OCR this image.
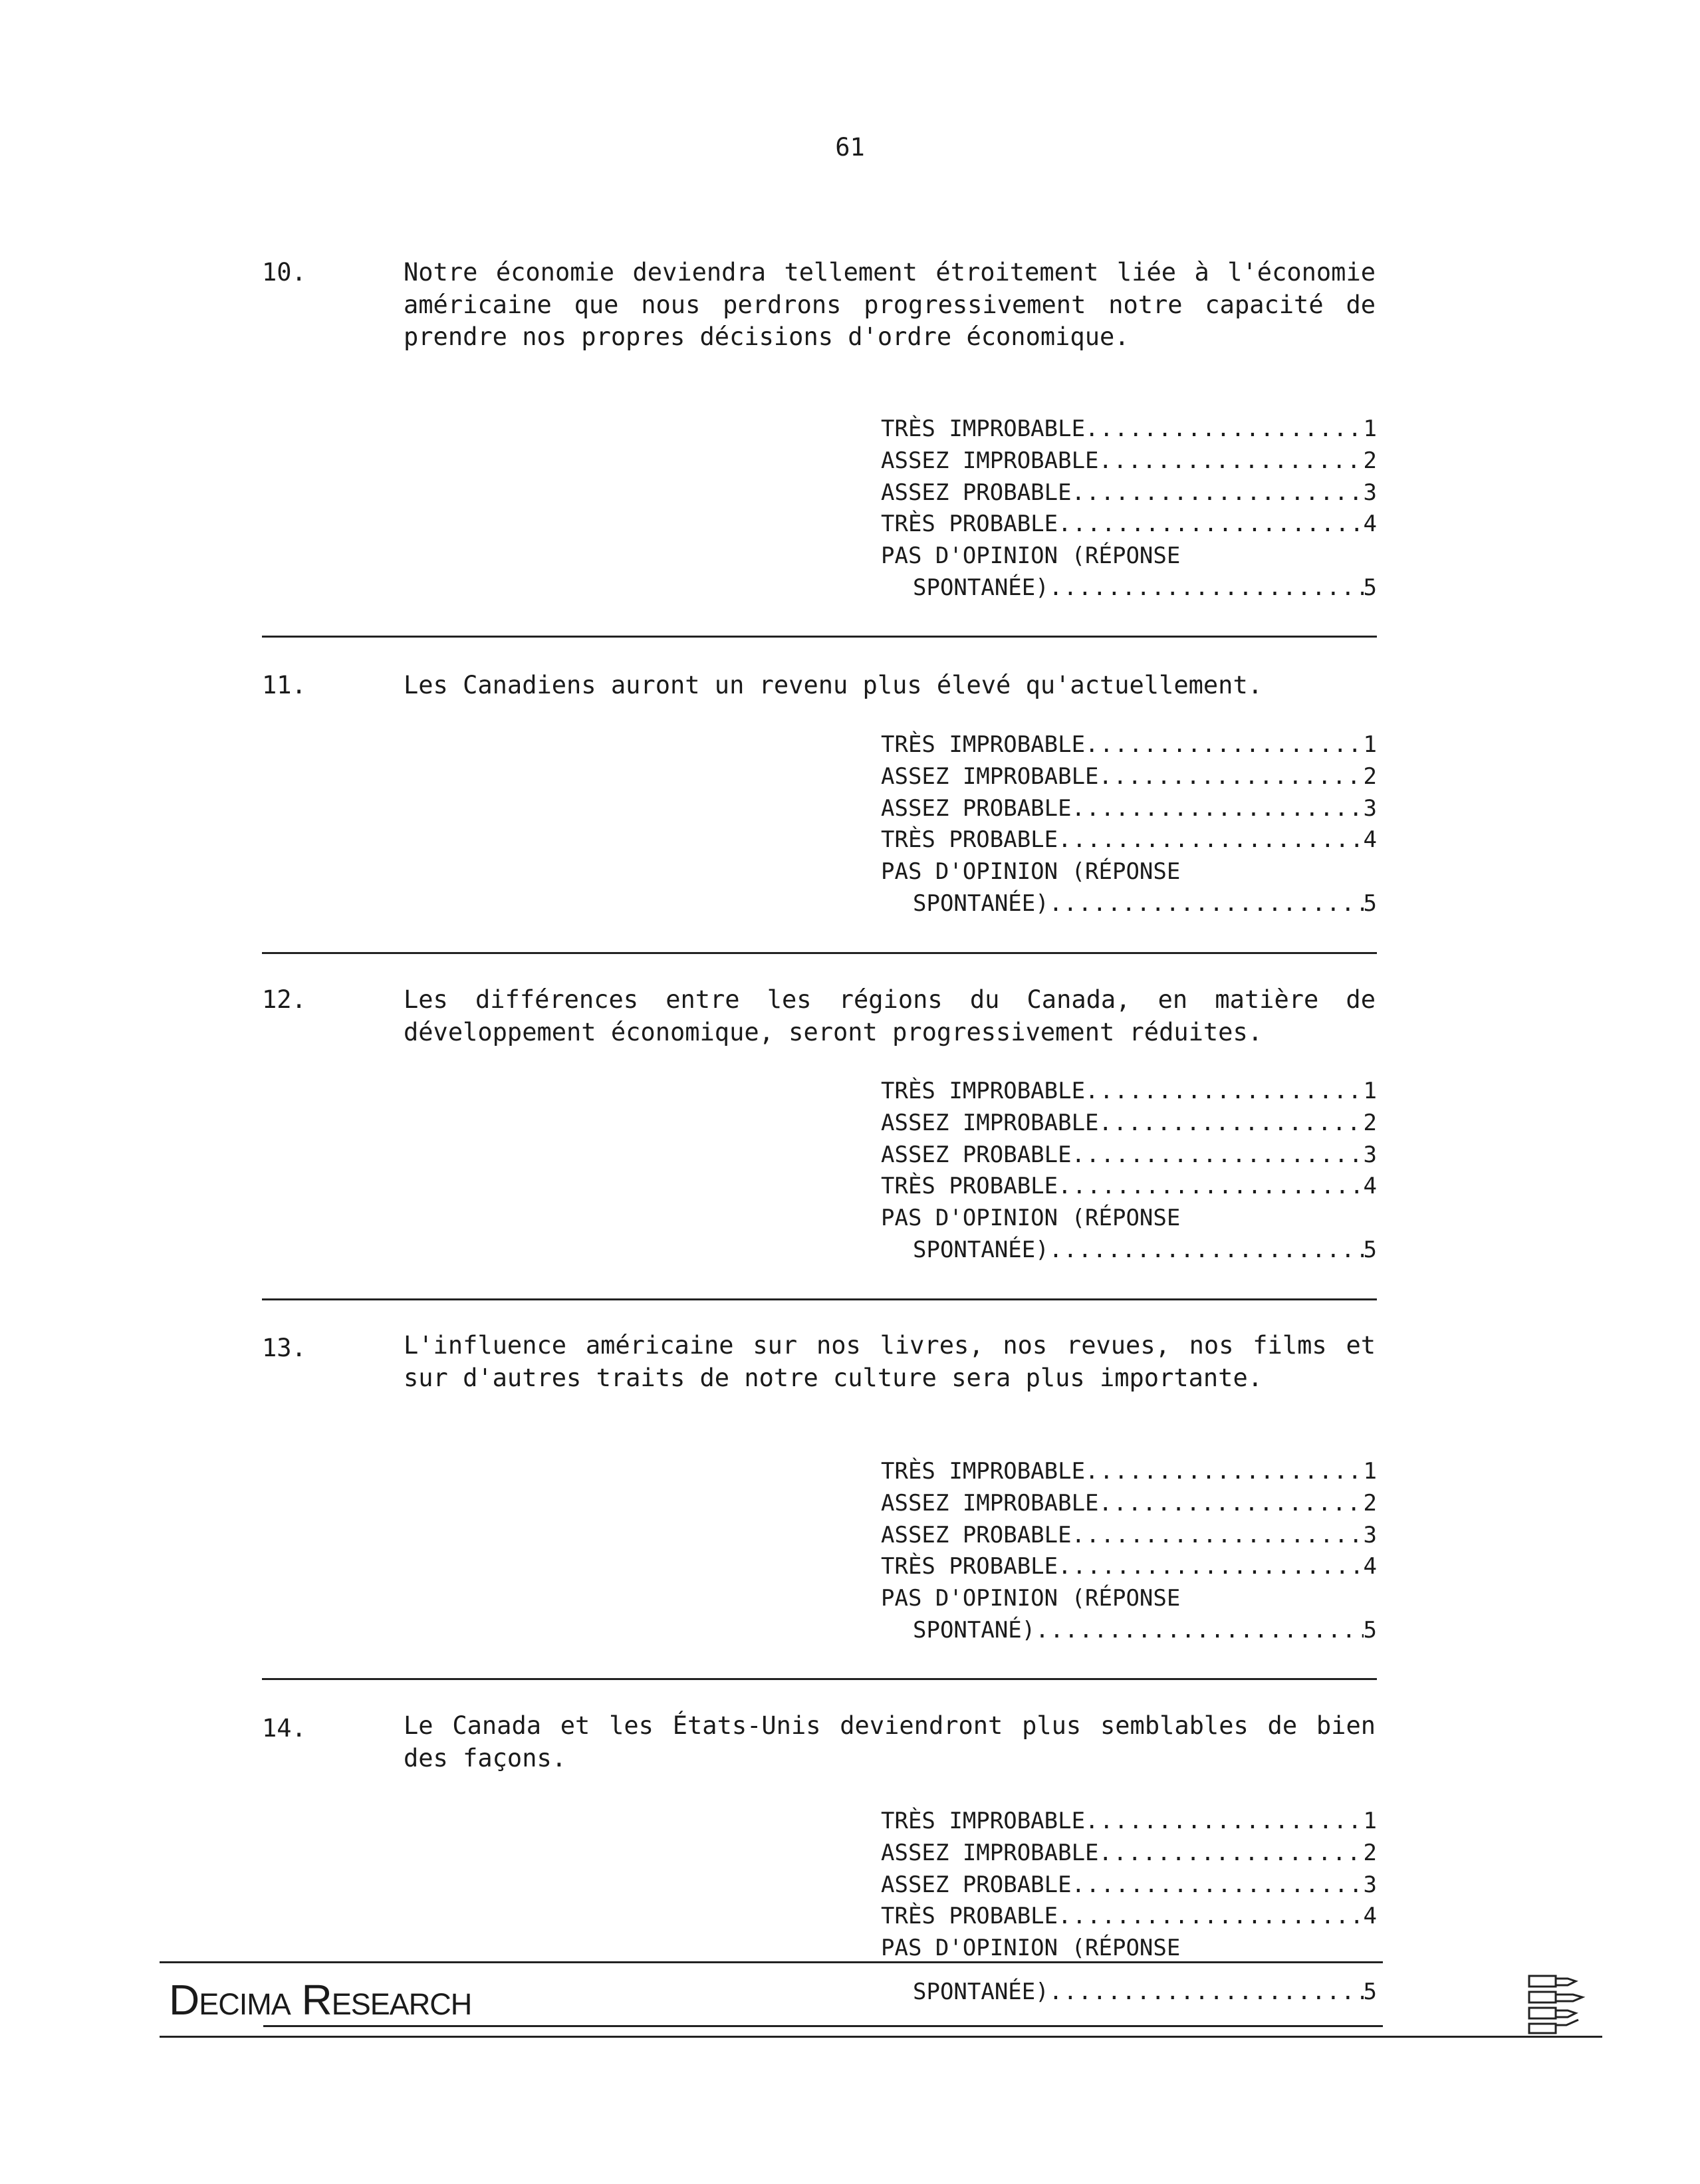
61
10.	Notre économie deviendra tellement étroitement liée à l'économie américaine que nous perdrons progressivement notre capacité de prendre nos propres décisions d'ordre économique.
TRÈS IMPROBABLE .....	1
ASSEZ IMPROBABLE .....	2
ASSEZ PROBABLE .....	3
TRÈS PROBABLE .....	4
PAS D'OPINION (RÉPONSE
SPONTANÉE) .....	5
11.	Les Canadiens auront un revenu plus élevé qu'actuellement.
TRÈS IMPROBABLE .....	1
ASSEZ IMPROBABLE .....	2
ASSEZ PROBABLE .....	3
TRÈS PROBABLE .....	4
PAS D'OPINION (RÉPONSE
SPONTANÉE) .....	5
12.	Les différences entre les régions du Canada, en matière de développement économique, seront progressivement réduites.
TRÈS IMPROBABLE .....	1
ASSEZ IMPROBABLE .....	2
ASSEZ PROBABLE .....	3
TRÈS PROBABLE .....	4
PAS D'OPINION (RÉPONSE
SPONTANÉE) .....	5
13.	L'influence américaine sur nos livres, nos revues, nos films et sur d'autres traits de notre culture sera plus importante.
TRÈS IMPROBABLE .....	1
ASSEZ IMPROBABLE .....	2
ASSEZ PROBABLE .....	3
TRÈS PROBABLE .....	4
PAS D'OPINION (RÉPONSE
SPONTANÉ) .....	5
14.	Le Canada et les États-Unis deviendront plus semblables de bien des façons.
TRÈS IMPROBABLE .....	1
ASSEZ IMPROBABLE .....	2
ASSEZ PROBABLE .....	3
TRÈS PROBABLE .....	4
PAS D'OPINION (RÉPONSE
SPONTANÉE) .....	5
Decima Research
